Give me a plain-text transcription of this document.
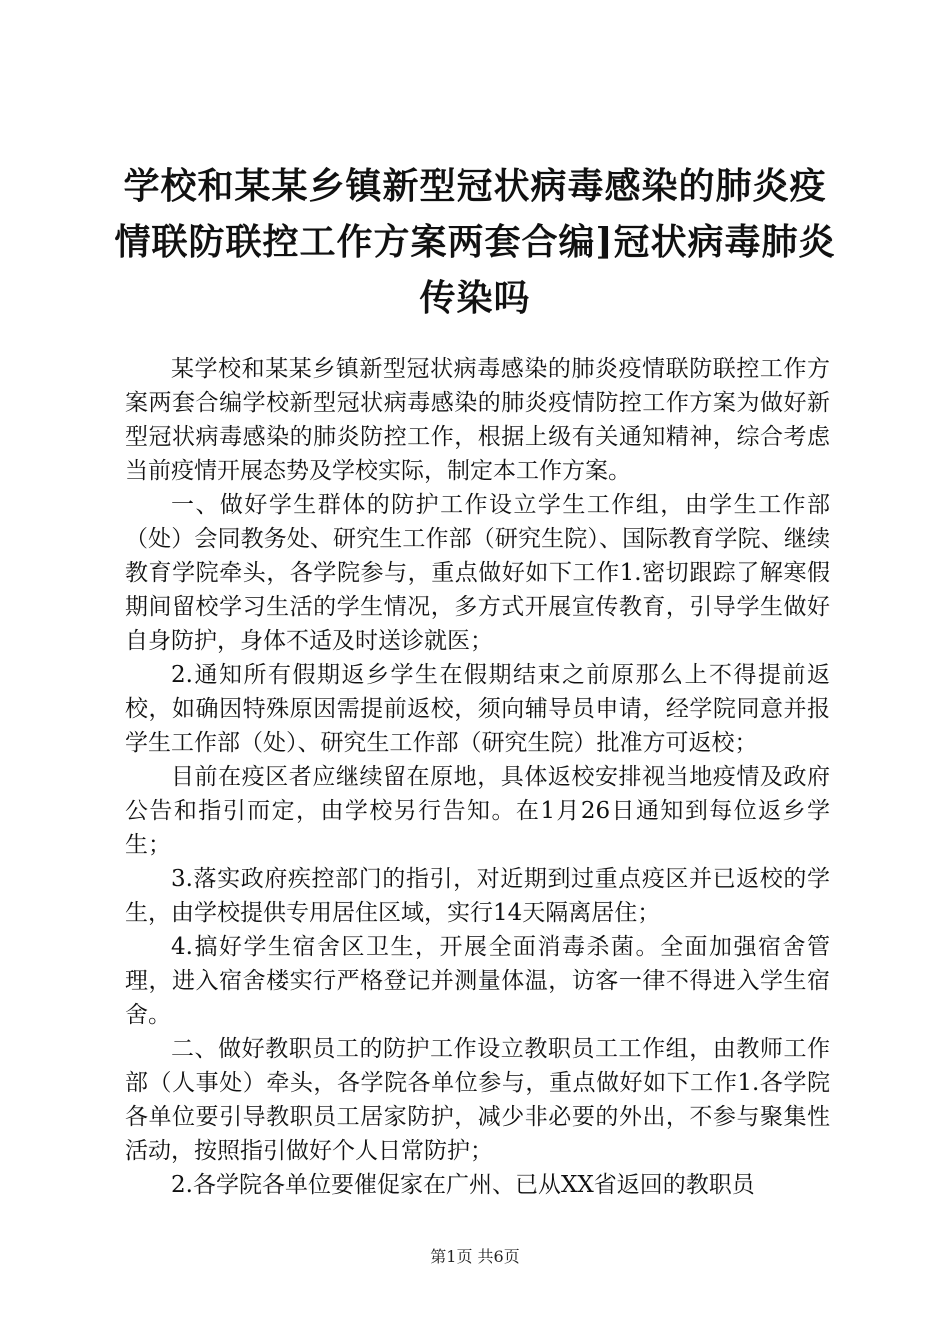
学校和某某乡镇新型冠状病毒感染的肺炎疫情联防联控工作方案两套合编]冠状病毒肺炎传染吗

某学校和某某乡镇新型冠状病毒感染的肺炎疫情联防联控工作方案两套合编学校新型冠状病毒感染的肺炎疫情防控工作方案为做好新型冠状病毒感染的肺炎防控工作，根据上级有关通知精神，综合考虑当前疫情开展态势及学校实际，制定本工作方案。

一、做好学生群体的防护工作设立学生工作组，由学生工作部（处）会同教务处、研究生工作部（研究生院）、国际教育学院、继续教育学院牵头，各学院参与，重点做好如下工作1.密切跟踪了解寒假期间留校学习生活的学生情况，多方式开展宣传教育，引导学生做好自身防护，身体不适及时送诊就医；

2.通知所有假期返乡学生在假期结束之前原那么上不得提前返校，如确因特殊原因需提前返校，须向辅导员申请，经学院同意并报学生工作部（处）、研究生工作部（研究生院）批准方可返校；

目前在疫区者应继续留在原地，具体返校安排视当地疫情及政府公告和指引而定，由学校另行告知。在1月26日通知到每位返乡学生；

3.落实政府疾控部门的指引，对近期到过重点疫区并已返校的学生，由学校提供专用居住区域，实行14天隔离居住；

4.搞好学生宿舍区卫生，开展全面消毒杀菌。全面加强宿舍管理，进入宿舍楼实行严格登记并测量体温，访客一律不得进入学生宿舍。

二、做好教职员工的防护工作设立教职员工工作组，由教师工作部（人事处）牵头，各学院各单位参与，重点做好如下工作1.各学院各单位要引导教职员工居家防护，减少非必要的外出，不参与聚集性活动，按照指引做好个人日常防护；

2.各学院各单位要催促家在广州、已从XX省返回的教职员

第1页 共6页
